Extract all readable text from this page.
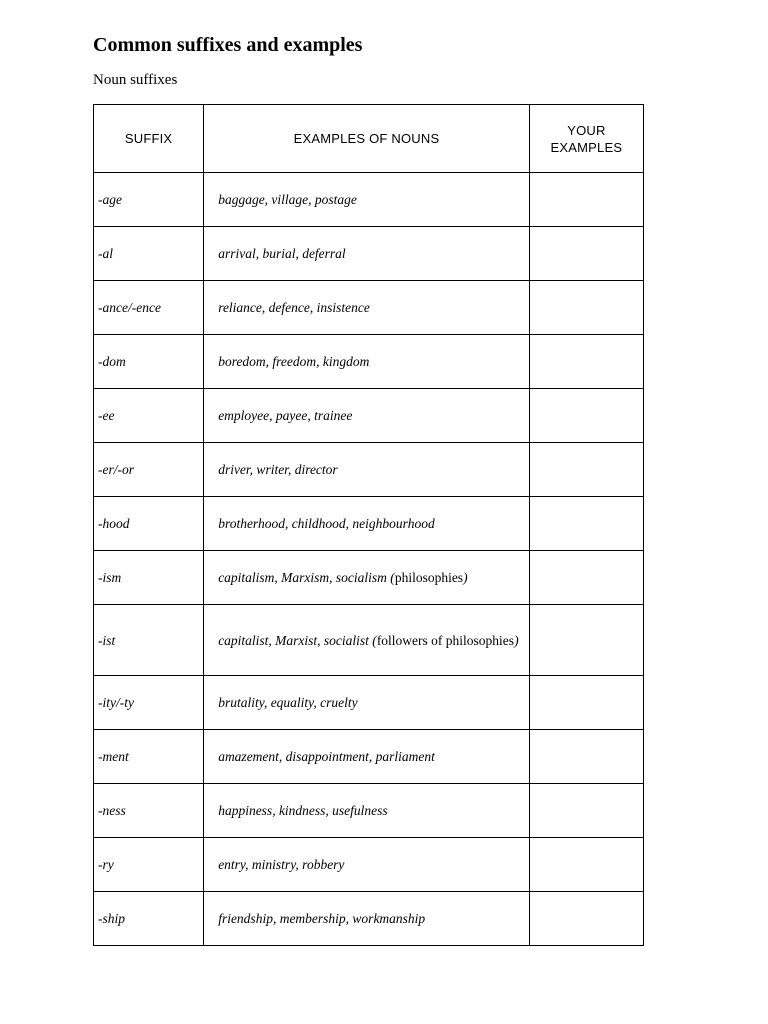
Common suffixes and examples
Noun suffixes
SUFFIX	EXAMPLES OF NOUNS	YOUR EXAMPLES
-age	baggage, village, postage	
-al	arrival, burial, deferral	
-ance/-ence	reliance, defence, insistence	
-dom	boredom, freedom, kingdom	
-ee	employee, payee, trainee	
-er/-or	driver, writer, director	
-hood	brotherhood, childhood, neighbourhood	
-ism	capitalism, Marxism, socialism (philosophies)	
-ist	capitalist, Marxist, socialist (followers of philosophies)	
-ity/-ty	brutality, equality, cruelty	
-ment	amazement, disappointment, parliament	
-ness	happiness, kindness, usefulness	
-ry	entry, ministry, robbery	
-ship	friendship, membership, workmanship	
